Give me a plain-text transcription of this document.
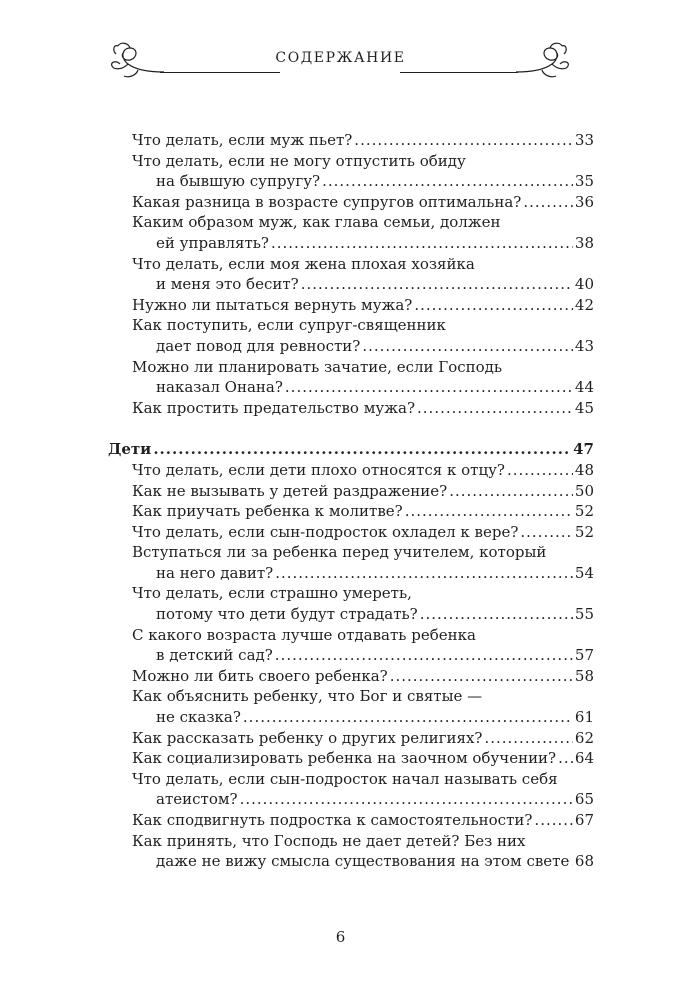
СОДЕРЖАНИЕ
Что делать, если муж пьет? .....	33
Что делать, если не могу отпустить обиду
на бывшую супругу? .....	35
Какая разница в возрасте супругов оптимальна? .....	36
Каким образом муж, как глава семьи, должен
ей управлять? .....	38
Что делать, если моя жена плохая хозяйка
и меня это бесит? .....	40
Нужно ли пытаться вернуть мужа? .....	42
Как поступить, если супруг-священник
дает повод для ревности? .....	43
Можно ли планировать зачатие, если Господь
наказал Онана? .....	44
Как простить предательство мужа? .....	45
Дети .....	47
Что делать, если дети плохо относятся к отцу? .....	48
Как не вызывать у детей раздражение? .....	50
Как приучать ребенка к молитве? .....	52
Что делать, если сын-подросток охладел к вере? .....	52
Вступаться ли за ребенка перед учителем, который
на него давит? .....	54
Что делать, если страшно умереть,
потому что дети будут страдать? .....	55
С какого возраста лучше отдавать ребенка
в детский сад? .....	57
Можно ли бить своего ребенка? .....	58
Как объяснить ребенку, что Бог и святые —
не сказка? .....	61
Как рассказать ребенку о других религиях? .....	62
Как социализировать ребенка на заочном обучении? ..... 64
Что делать, если сын-подросток начал называть себя
атеистом? .....	65
Как сподвигнуть подростка к самостоятельности? .....	67
Как принять, что Господь не дает детей? Без них
даже не вижу смысла существования на этом свете ..... 68
6
